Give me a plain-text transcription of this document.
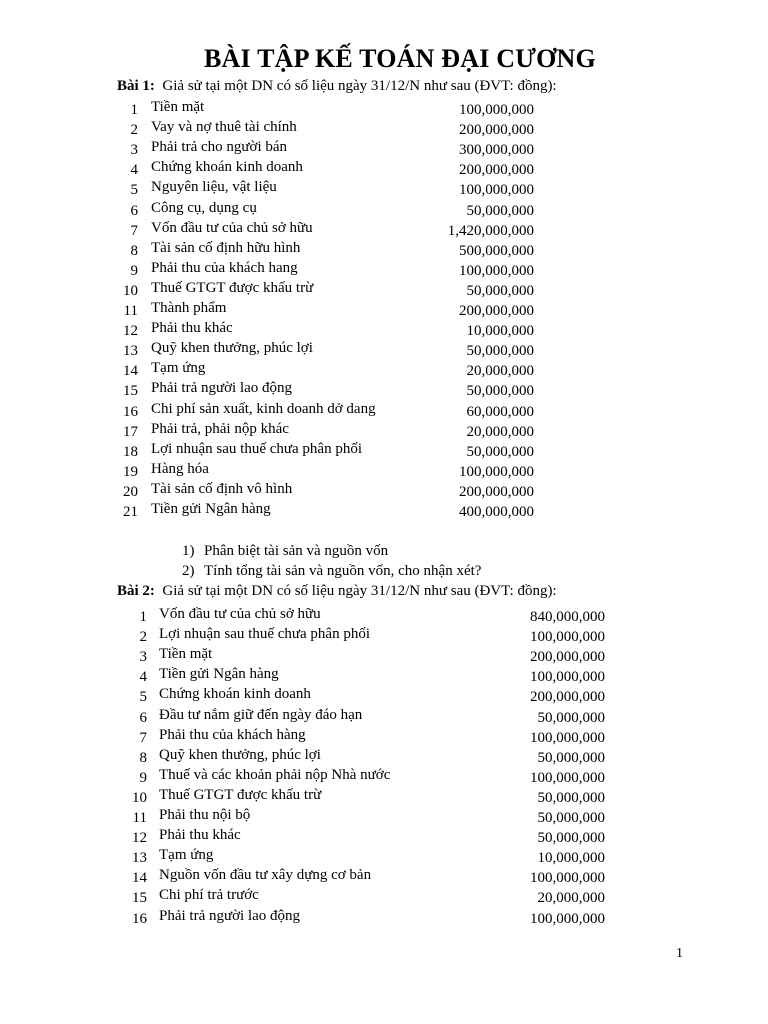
BÀI TẬP KẾ TOÁN ĐẠI CƯƠNG
Bài 1: Giả sử tại một DN có số liệu ngày 31/12/N như sau (ĐVT: đồng):
1 Tiền mặt	100,000,000
2 Vay và nợ thuê tài chính	200,000,000
3 Phải trả cho người bán	300,000,000
4 Chứng khoán kinh doanh	200,000,000
5 Nguyên liệu, vật liệu	100,000,000
6 Công cụ, dụng cụ	50,000,000
7 Vốn đầu tư của chủ sở hữu	1,420,000,000
8 Tài sản cố định hữu hình	500,000,000
9 Phải thu của khách hang	100,000,000
10 Thuế GTGT được khấu trừ	50,000,000
11 Thành phẩm	200,000,000
12 Phải thu khác	10,000,000
13 Quỹ khen thưởng, phúc lợi	50,000,000
14 Tạm ứng	20,000,000
15 Phải trả người lao động	50,000,000
16 Chi phí sản xuất, kinh doanh dở dang	60,000,000
17 Phải trả, phải nộp khác	20,000,000
18 Lợi nhuận sau thuế chưa phân phối	50,000,000
19 Hàng hóa	100,000,000
20 Tài sản cố định vô hình	200,000,000
21 Tiền gửi Ngân hàng	400,000,000
1) Phân biệt tài sản và nguồn vốn
2) Tính tổng tài sản và nguồn vốn, cho nhận xét?
Bài 2: Giả sử tại một DN có số liệu ngày 31/12/N như sau (ĐVT: đồng):
1 Vốn đầu tư của chủ sở hữu	840,000,000
2 Lợi nhuận sau thuế chưa phân phối	100,000,000
3 Tiền mặt	200,000,000
4 Tiền gửi Ngân hàng	100,000,000
5 Chứng khoán kinh doanh	200,000,000
6 Đầu tư nắm giữ đến ngày đáo hạn	50,000,000
7 Phải thu của khách hàng	100,000,000
8 Quỹ khen thưởng, phúc lợi	50,000,000
9 Thuế và các khoản phải nộp Nhà nước	100,000,000
10 Thuế GTGT được khấu trừ	50,000,000
11 Phải thu nội bộ	50,000,000
12 Phải thu khác	50,000,000
13 Tạm ứng	10,000,000
14 Nguồn vốn đầu tư xây dựng cơ bản	100,000,000
15 Chi phí trả trước	20,000,000
16 Phải trả người lao động	100,000,000
1
